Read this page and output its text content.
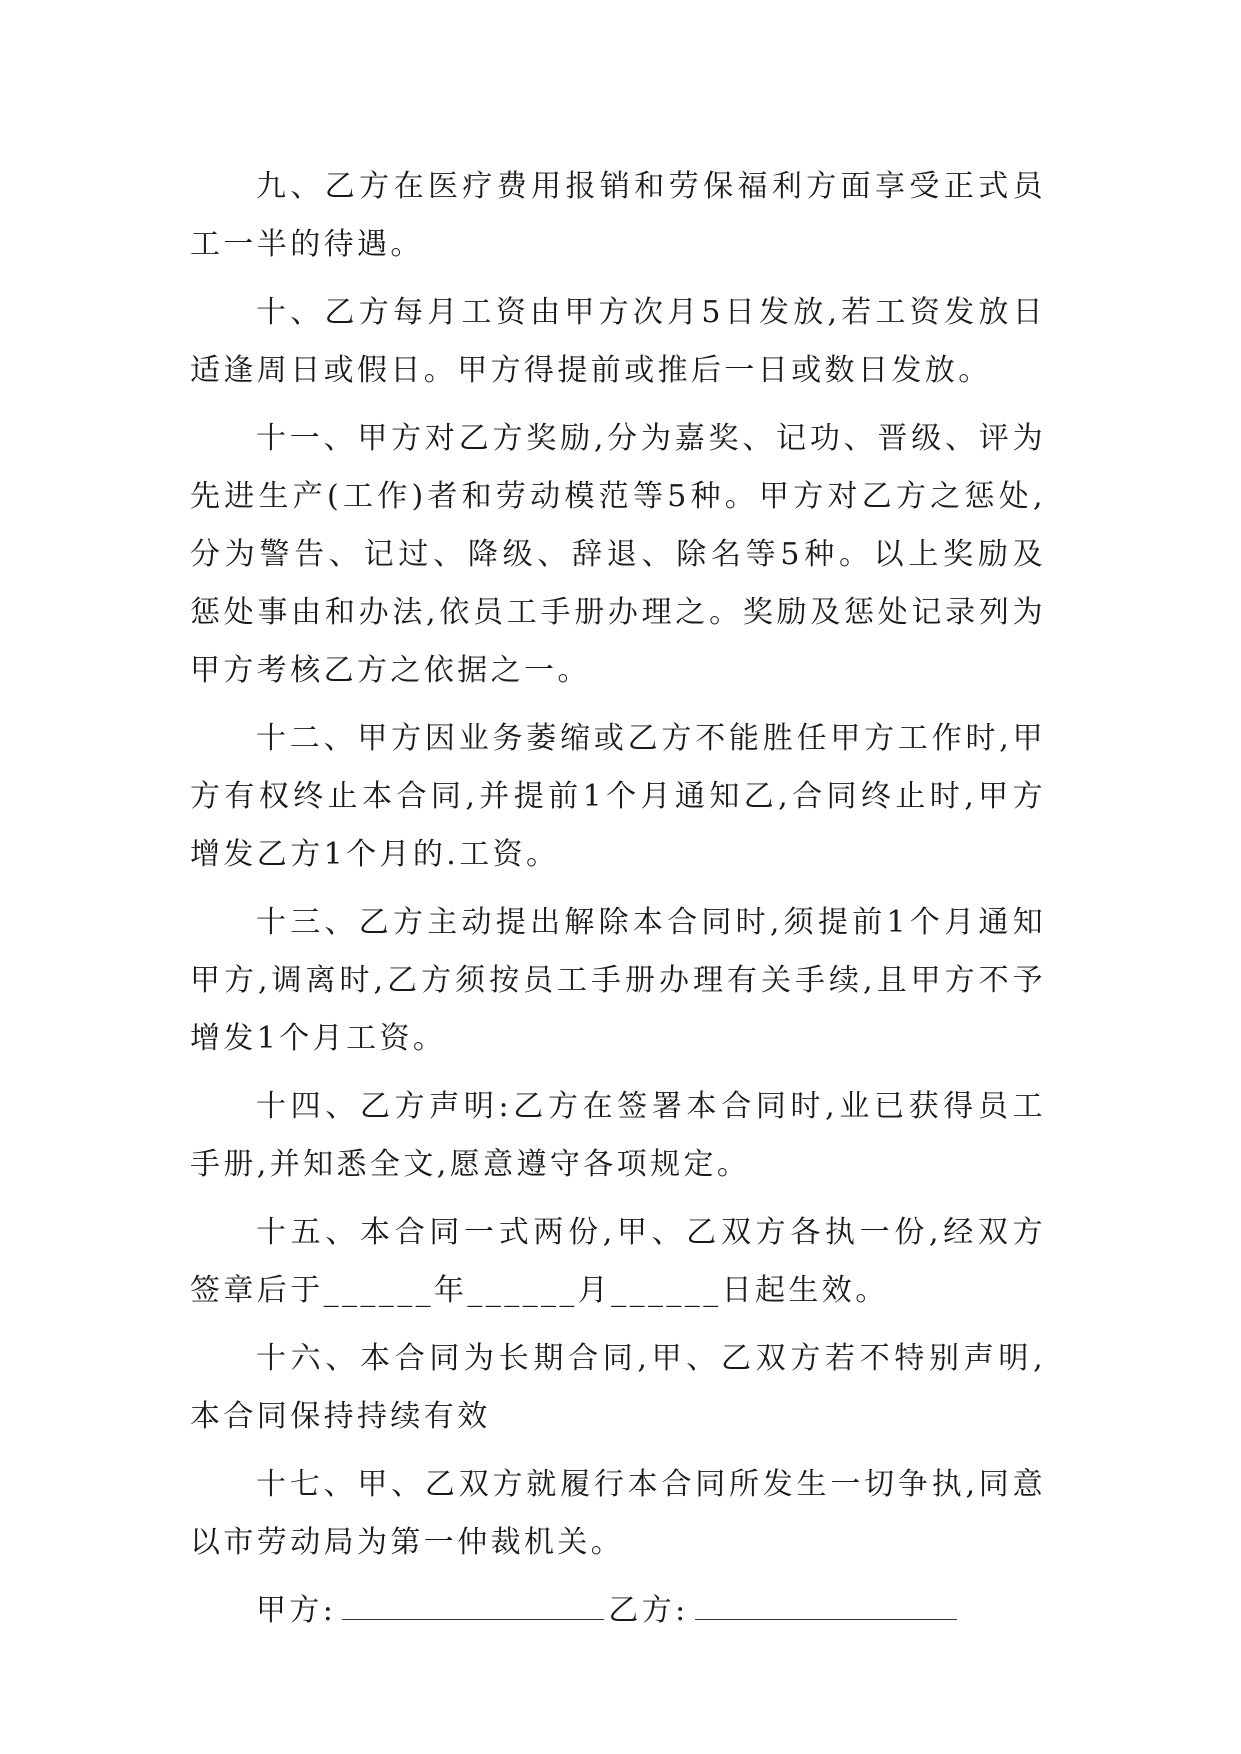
九、乙方在医疗费用报销和劳保福利方面享受正式员工一半的待遇。

十、乙方每月工资由甲方次月5日发放,若工资发放日适逢周日或假日。甲方得提前或推后一日或数日发放。

十一、甲方对乙方奖励,分为嘉奖、记功、晋级、评为先进生产(工作)者和劳动模范等5种。甲方对乙方之惩处,分为警告、记过、降级、辞退、除名等5种。以上奖励及惩处事由和办法,依员工手册办理之。奖励及惩处记录列为甲方考核乙方之依据之一。

十二、甲方因业务萎缩或乙方不能胜任甲方工作时,甲方有权终止本合同,并提前1个月通知乙,合同终止时,甲方增发乙方1个月的.工资。

十三、乙方主动提出解除本合同时,须提前1个月通知甲方,调离时,乙方须按员工手册办理有关手续,且甲方不予增发1个月工资。

十四、乙方声明:乙方在签署本合同时,业已获得员工手册,并知悉全文,愿意遵守各项规定。

十五、本合同一式两份,甲、乙双方各执一份,经双方签章后于______年______月______日起生效。

十六、本合同为长期合同,甲、乙双方若不特别声明,本合同保持持续有效

十七、甲、乙双方就履行本合同所发生一切争执,同意以市劳动局为第一仲裁机关。

甲方:	乙方:
